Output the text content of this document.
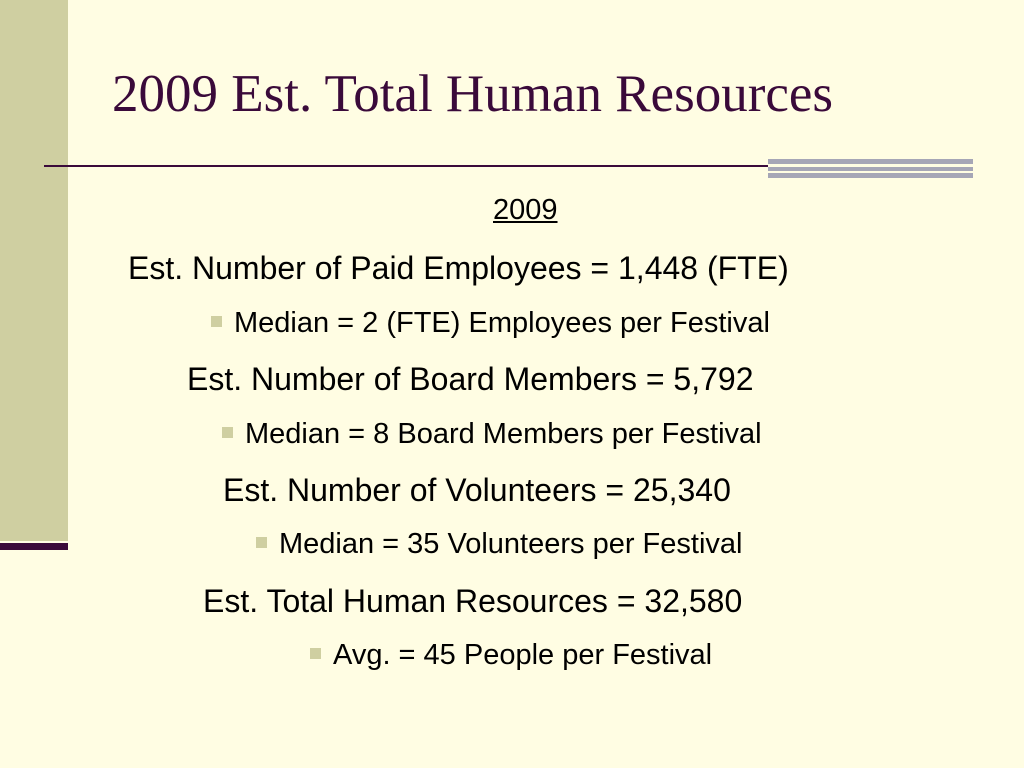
2009 Est. Total Human Resources
2009
Est. Number of Paid Employees = 1,448 (FTE)
Median = 2 (FTE) Employees per Festival
Est. Number of Board Members = 5,792
Median = 8 Board Members per Festival
Est. Number of Volunteers = 25,340
Median = 35 Volunteers per Festival
Est. Total Human Resources = 32,580
Avg. = 45 People per Festival
